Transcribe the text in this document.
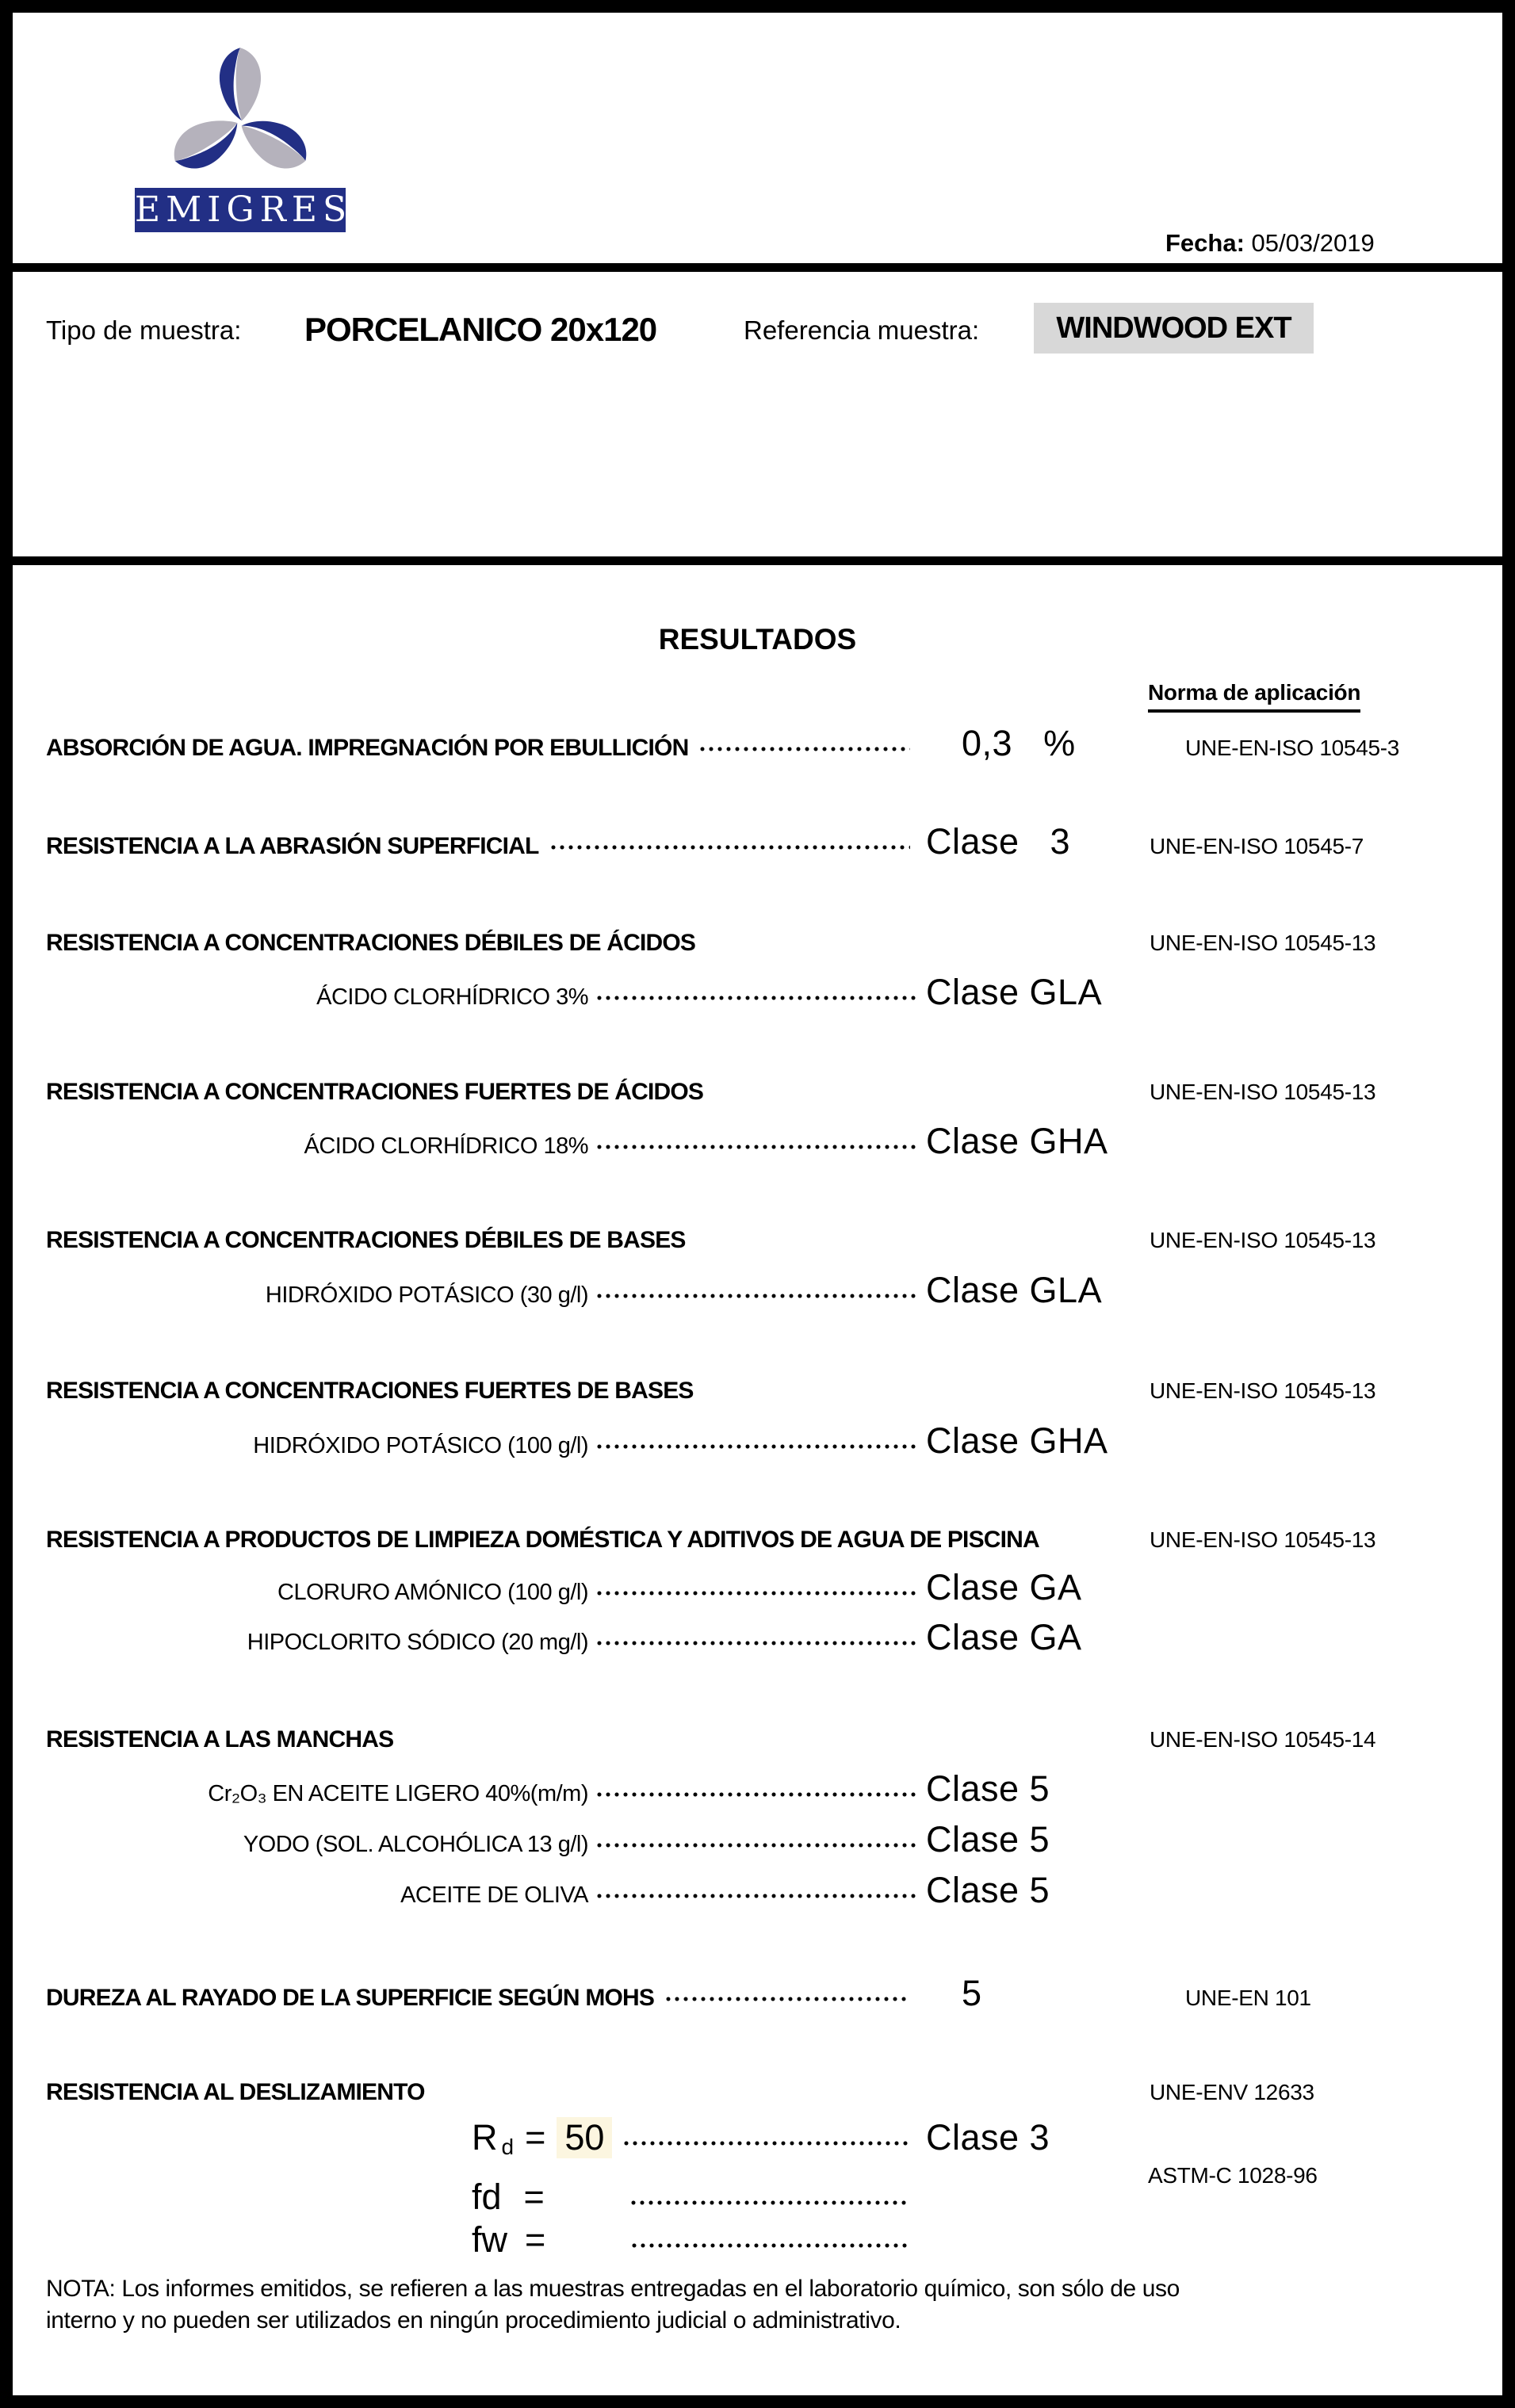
EMIGRES
Fecha: 05/03/2019
Tipo de muestra: PORCELANICO 20x120	Referencia muestra:	WINDWOOD EXT
RESULTADOS
Norma de aplicación
ABSORCIÓN DE AGUA. IMPREGNACIÓN POR EBULLICIÓN	0,3   %	UNE-EN-ISO 10545-3
RESISTENCIA A LA ABRASIÓN SUPERFICIAL	Clase   3	UNE-EN-ISO 10545-7
RESISTENCIA A CONCENTRACIONES DÉBILES DE ÁCIDOS	UNE-EN-ISO 10545-13
ÁCIDO CLORHÍDRICO 3%	Clase GLA
RESISTENCIA A CONCENTRACIONES FUERTES DE ÁCIDOS	UNE-EN-ISO 10545-13
ÁCIDO CLORHÍDRICO 18%	Clase GHA
RESISTENCIA A CONCENTRACIONES DÉBILES DE BASES	UNE-EN-ISO 10545-13
HIDRÓXIDO POTÁSICO (30 g/l)	Clase GLA
RESISTENCIA A CONCENTRACIONES FUERTES DE BASES	UNE-EN-ISO 10545-13
HIDRÓXIDO POTÁSICO (100 g/l)	Clase GHA
RESISTENCIA A PRODUCTOS DE LIMPIEZA DOMÉSTICA Y ADITIVOS DE AGUA DE PISCINA	UNE-EN-ISO 10545-13
CLORURO AMÓNICO (100 g/l)	Clase GA
HIPOCLORITO SÓDICO (20 mg/l)	Clase GA
RESISTENCIA A LAS MANCHAS	UNE-EN-ISO 10545-14
Cr₂O₃ EN ACEITE LIGERO 40%(m/m)	Clase 5
YODO (SOL. ALCOHÓLICA 13 g/l)	Clase 5
ACEITE DE OLIVA	Clase 5
DUREZA AL RAYADO DE LA SUPERFICIE SEGÚN MOHS	5	UNE-EN 101
RESISTENCIA AL DESLIZAMIENTO	UNE-ENV 12633
R d = 50	Clase 3
ASTM-C 1028-96
fd =
fw =
NOTA: Los informes emitidos, se refieren a las muestras entregadas en el laboratorio químico, son sólo de uso
interno y no pueden ser utilizados en ningún procedimiento judicial o administrativo.
